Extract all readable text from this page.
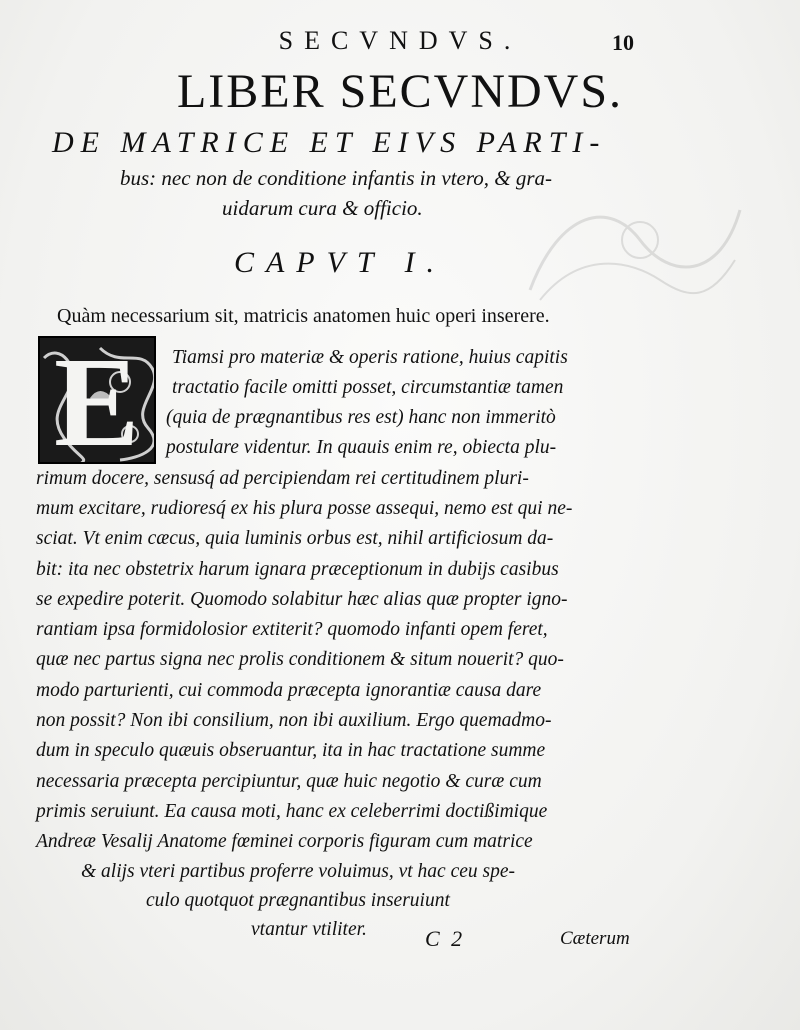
SECVNDVS.	10
LIBER SECVNDVS.
DE MATRICE ET EIVS PARTI-
bus: nec non de conditione infantis in vtero, & gra-
uidarum cura & officio.
CAPVT I.
Quàm necessarium sit, matricis anatomen huic operi inserere.
E Tiamsi pro materiæ & operis ratione, huius capitis
tractatio facile omitti posset, circumstantiæ tamen
(quia de prægnantibus res est) hanc non immeritò
postulare videntur. In quauis enim re, obiecta plu-
rimum docere, sensusq́ ad percipiendam rei certitudinem pluri-
mum excitare, rudioresq́ ex his plura posse assequi, nemo est qui ne-
sciat. Vt enim cæcus, quia luminis orbus est, nihil artificiosum da-
bit: ita nec obstetrix harum ignara præceptionum in dubijs casibus
se expedire poterit. Quomodo solabitur hæc alias quæ propter igno-
rantiam ipsa formidolosior extiterit? quomodo infanti opem feret,
quæ nec partus signa nec prolis conditionem & situm nouerit? quo-
modo parturienti, cui commoda præcepta ignorantiæ causa dare
non possit? Non ibi consilium, non ibi auxilium. Ergo quemadmo-
dum in speculo quæuis obseruantur, ita in hac tractatione summe
necessaria præcepta percipiuntur, quæ huic negotio & curæ cum
primis seruiunt. Ea causa moti, hanc ex celeberrimi doctißimique
Andreæ Vesalij Anatome fœminei corporis figuram cum matrice
& alijs vteri partibus proferre voluimus, vt hac ceu spe-
culo quotquot prægnantibus inseruiunt
vtantur vtiliter.	C 2	Cæterum
